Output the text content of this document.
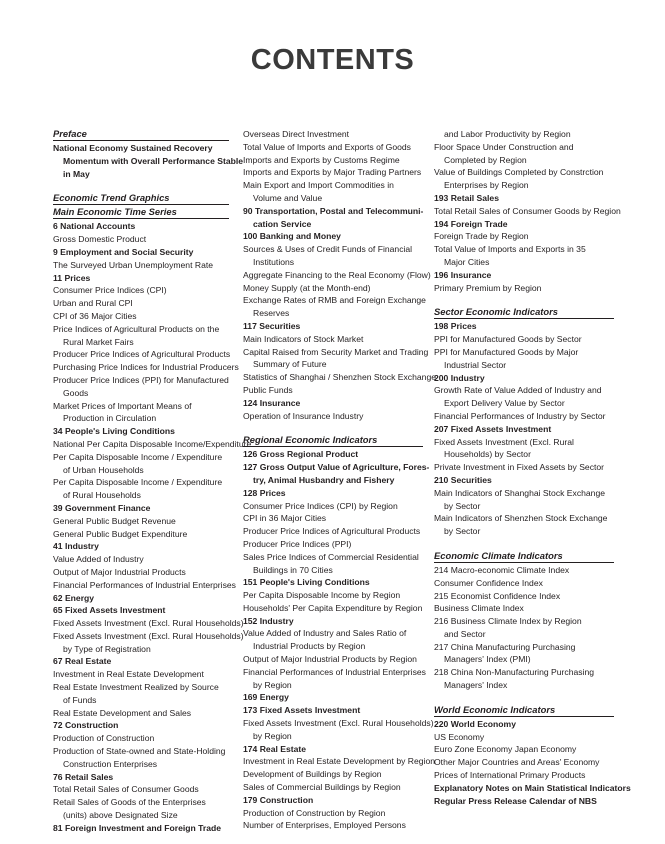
CONTENTS
Preface
National Economy Sustained Recovery
Momentum with Overall Performance Stable
in May
Economic Trend Graphics
Main Economic Time Series
6 National Accounts
Gross Domestic Product
9 Employment and Social Security
The Surveyed Urban Unemployment Rate
11 Prices
Consumer Price Indices (CPI)
Urban and Rural CPI
CPI of 36 Major Cities
Price Indices of Agricultural Products on the
Rural Market Fairs
Producer Price Indices of Agricultural Products
Purchasing Price Indices for Industrial Producers
Producer Price Indices (PPI) for Manufactured
Goods
Market Prices of Important Means of
Production in Circulation
34 People's Living Conditions
National Per Capita Disposable Income/Expenditure
Per Capita Disposable Income / Expenditure
of Urban Households
Per Capita Disposable Income / Expenditure
of Rural Households
39 Government Finance
General Public Budget Revenue
General Public Budget Expenditure
41 Industry
Value Added of Industry
Output of Major Industrial Products
Financial Performances of Industrial Enterprises
62 Energy
65 Fixed Assets Investment
Fixed Assets Investment (Excl. Rural Households)
Fixed Assets Investment (Excl. Rural Households)
by Type of Registration
67 Real Estate
Investment in Real Estate Development
Real Estate Investment Realized by Source
of Funds
Real Estate Development and Sales
72 Construction
Production of Construction
Production of State-owned and State-Holding
Construction Enterprises
76 Retail Sales
Total Retail Sales of Consumer Goods
Retail Sales of Goods of the Enterprises
(units) above Designated Size
81 Foreign Investment and Foreign Trade
Overseas Direct Investment
Total Value of Imports and Exports of Goods
Imports and Exports by Customs Regime
Imports and Exports by Major Trading Partners
Main Export and Import Commodities in
Volume and Value
90 Transportation, Postal and Telecommuni-
cation Service
100 Banking and Money
Sources & Uses of Credit Funds of Financial
Institutions
Aggregate Financing to the Real Economy (Flow)
Money Supply (at the Month-end)
Exchange Rates of RMB and Foreign Exchange
Reserves
117 Securities
Main Indicators of Stock Market
Capital Raised from Security Market and Trading
Summary of Future
Statistics of Shanghai / Shenzhen Stock Exchange
Public Funds
124 Insurance
Operation of Insurance Industry
Regional Economic Indicators
126 Gross Regional Product
127 Gross Output Value of Agriculture, Fores-
try, Animal Husbandry and Fishery
128 Prices
Consumer Price Indices (CPI) by Region
CPI in 36 Major Cities
Producer Price Indices of Agricultural Products
Producer Price Indices (PPI)
Sales Price Indices of Commercial Residential
Buildings in 70 Cities
151 People's Living Conditions
Per Capita Disposable Income by Region
Households' Per Capita Expenditure by Region
152 Industry
Value Added of Industry and Sales Ratio of
Industrial Products by Region
Output of Major Industrial Products by Region
Financial Performances of Industrial Enterprises
by Region
169 Energy
173 Fixed Assets Investment
Fixed Assets Investment (Excl. Rural Households)
by Region
174 Real Estate
Investment in Real Estate Development by Region
Development of Buildings by Region
Sales of Commercial Buildings by Region
179 Construction
Production of Construction by Region
Number of Enterprises, Employed Persons
and Labor Productivity by Region
Floor Space Under Construction and
Completed by Region
Value of Buildings Completed by Constrction
Enterprises by Region
193 Retail Sales
Total Retail Sales of Consumer Goods by Region
194 Foreign Trade
Foreign Trade by Region
Total Value of Imports and Exports in 35
Major Cities
196 Insurance
Primary Premium by Region
Sector Economic Indicators
198 Prices
PPI for Manufactured Goods by Sector
PPI for Manufactured Goods by Major
Industrial Sector
200 Industry
Growth Rate of Value Added of Industry and
Export Delivery Value by Sector
Financial Performances of Industry by Sector
207 Fixed Assets Investment
Fixed Assets Investment (Excl. Rural
Households) by Sector
Private Investment in Fixed Assets by Sector
210 Securities
Main Indicators of Shanghai Stock Exchange
by Sector
Main Indicators of Shenzhen Stock Exchange
by Sector
Economic Climate Indicators
214 Macro-economic Climate Index
Consumer Confidence Index
215 Economist Confidence Index
Business Climate Index
216 Business Climate Index by Region
and Sector
217 China Manufacturing Purchasing
Managers' Index (PMI)
218 China Non-Manufacturing Purchasing
Managers' Index
World Economic Indicators
220 World Economy
US Economy
Euro Zone Economy Japan Economy
Other Major Countries and Areas' Economy
Prices of International Primary Products
Explanatory Notes on Main Statistical Indicators
Regular Press Release Calendar of NBS
